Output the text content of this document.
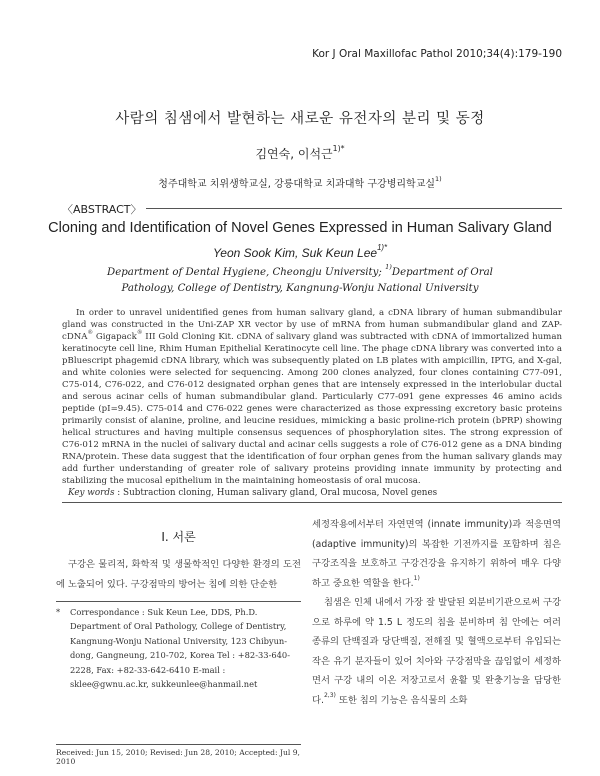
Kor J Oral Maxillofac Pathol 2010;34(4):179-190
사람의 침샘에서 발현하는 새로운 유전자의 분리 및 동정
김연숙, 이석근$^{1)*}$
청주대학교 치위생학교실, 강릉대학교 치과대학 구강병리학교실$^{1)}$
〈ABSTRACT〉
Cloning and Identification of Novel Genes Expressed in Human Salivary Gland
Yeon Sook Kim, Suk Keun Lee$^{1)*}$
Department of Dental Hygiene, Cheongju University; $^{1)}$Department of Oral Pathology, College of Dentistry, Kangnung-Wonju National University
In order to unravel unidentified genes from human salivary gland, a cDNA library of human submandibular gland was constructed in the Uni-ZAP XR vector by use of mRNA from human submandibular gland and ZAP-cDNA® Gigapack® III Gold Cloning Kit. cDNA of salivary gland was subtracted with cDNA of immortalized human keratinocyte cell line, Rhim Human Epithelial Keratinocyte cell line. The phage cDNA library was converted into a pBluescript phagemid cDNA library, which was subsequently plated on LB plates with ampicillin, IPTG, and X-gal, and white colonies were selected for sequencing. Among 200 clones analyzed, four clones containing C77-091, C75-014, C76-022, and C76-012 designated orphan genes that are intensely expressed in the interlobular ductal and serous acinar cells of human submandibular gland. Particularly C77-091 gene expresses 46 amino acids peptide (pI=9.45). C75-014 and C76-022 genes were characterized as those expressing excretory basic proteins primarily consist of alanine, proline, and leucine residues, mimicking a basic proline-rich protein (bPRP) showing helical structures and having multiple consensus sequences of phosphorylation sites. The strong expression of C76-012 mRNA in the nuclei of salivary ductal and acinar cells suggests a role of C76-012 gene as a DNA binding RNA/protein. These data suggest that the identification of four orphan genes from the human salivary glands may add further understanding of greater role of salivary proteins providing innate immunity by protecting and stabilizing the mucosal epithelium in the maintaining homeostasis of oral mucosa.
Key words : Subtraction cloning, Human salivary gland, Oral mucosa, Novel genes
I. 서론
구강은 물리적, 화학적 및 생물학적인 다양한 환경의 도전에 노출되어 있다. 구강점막의 방어는 침에 의한 단순한

세정작용에서부터 자연면역 (innate immunity)과 적응면역 (adaptive immunity)의 복잡한 기전까지를 포함하며 침은 구강조직을 보호하고 구강건강을 유지하기 위하여 매우 다양하고 중요한 역할을 한다.$^{1)}$

침샘은 인체 내에서 가장 잘 발달된 외분비기관으로써 구강으로 하루에 약 1.5 L 정도의 침을 분비하며 침 안에는 여러 종류의 단백질과 당단백질, 전해질 및 혈액으로부터 유입되는 작은 유기 분자들이 있어 치아와 구강점막을 끊임없이 세정하면서 구강 내의 이온 저장고로서 윤활 및 완충기능을 담당한다.$^{2,3)}$ 또한 침의 기능은 음식물의 소화

*	Correspondance : Suk Keun Lee, DDS, Ph.D. Department of Oral Pathology, College of Dentistry, Kangnung-Wonju National University, 123 Chibyun-dong, Gangneung, 210-702, Korea Tel : +82-33-640-2228, Fax: +82-33-642-6410 E-mail : sklee@gwnu.ac.kr, sukkeunlee@hanmail.net
Received: Jun 15, 2010; Revised: Jun 28, 2010; Accepted: Jul 9, 2010
